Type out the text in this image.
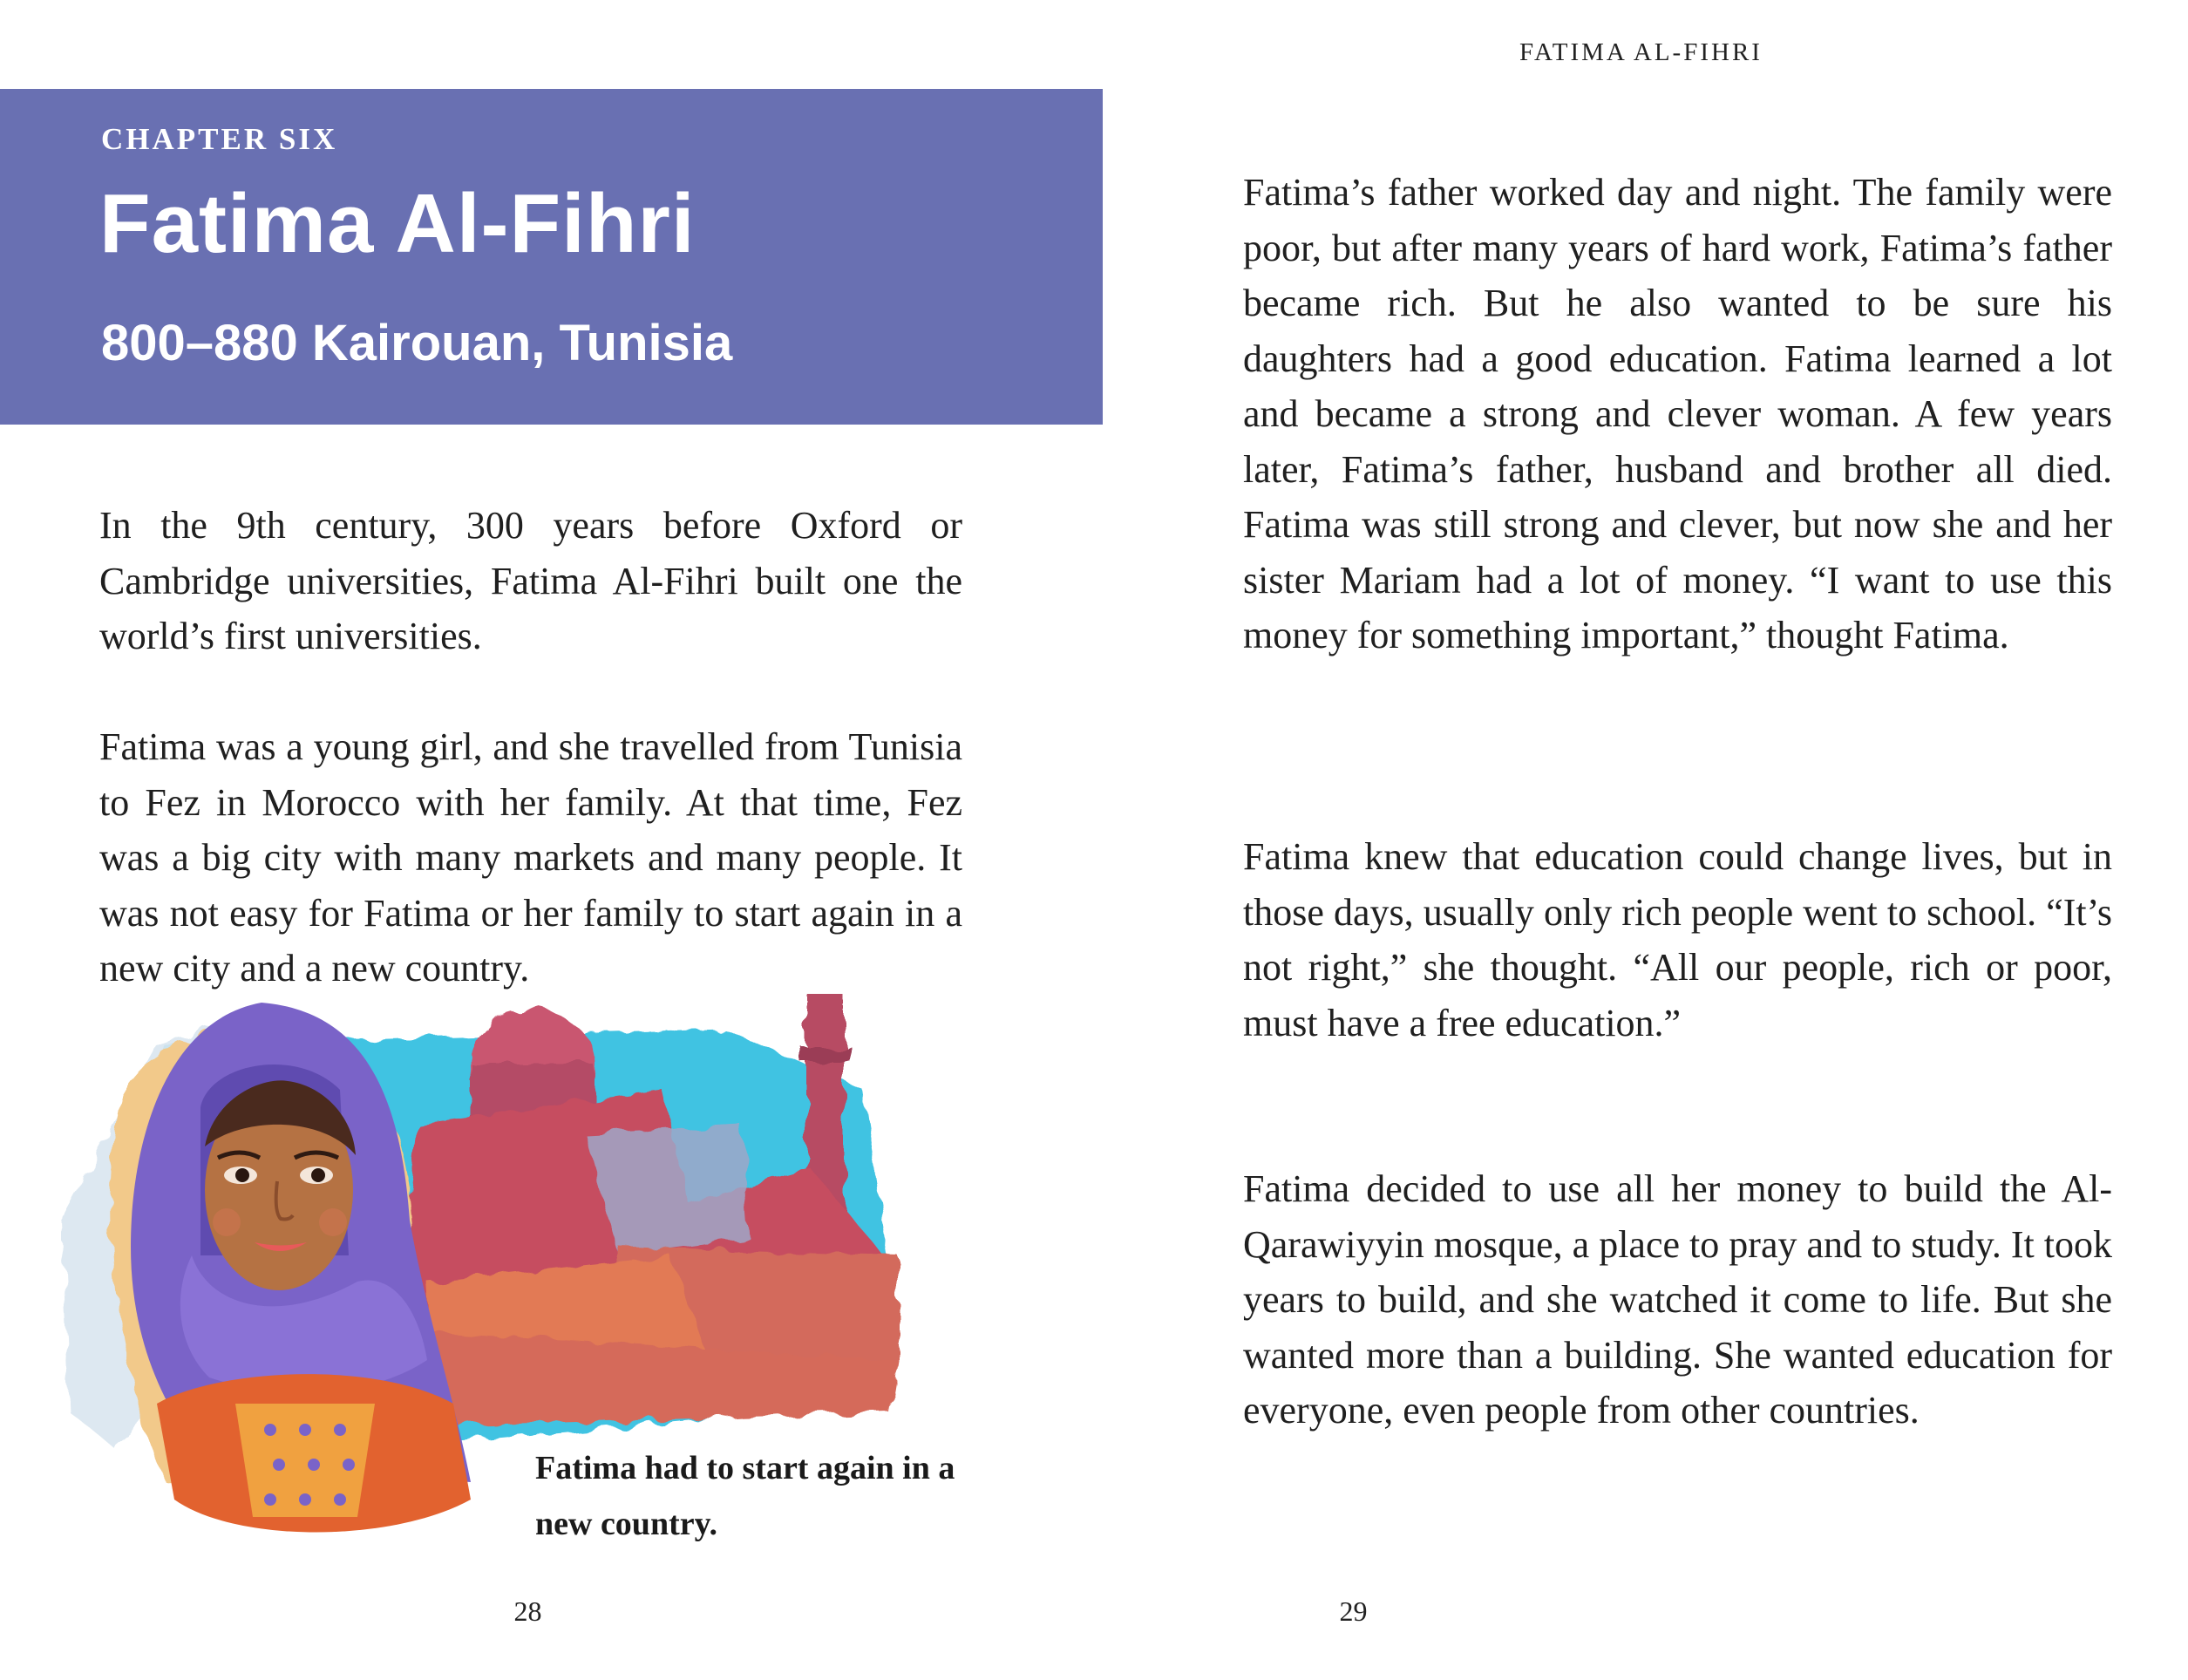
CHAPTER SIX
Fatima Al-Fihri
800–880 Kairouan, Tunisia

In the 9th century, 300 years before Oxford or Cambridge universities, Fatima Al-Fihri built one the world’s first universities.

Fatima was a young girl, and she travelled from Tunisia to Fez in Morocco with her family. At that time, Fez was a big city with many markets and many people. It was not easy for Fatima or her family to start again in a new city and a new country.

Fatima had to start again in a new country.

28
FATIMA AL-FIHRI

Fatima’s father worked day and night. The family were poor, but after many years of hard work, Fatima’s father became rich. But he also wanted to be sure his daughters had a good education. Fatima learned a lot and became a strong and clever woman. A few years later, Fatima’s father, husband and brother all died. Fatima was still strong and clever, but now she and her sister Mariam had a lot of money. “I want to use this money for something important,” thought Fatima.

Fatima knew that education could change lives, but in those days, usually only rich people went to school. “It’s not right,” she thought. “All our people, rich or poor, must have a free education.”

Fatima decided to use all her money to build the Al-Qarawiyyin mosque, a place to pray and to study. It took years to build, and she watched it come to life. But she wanted more than a building. She wanted education for everyone, even people from other countries.

29
